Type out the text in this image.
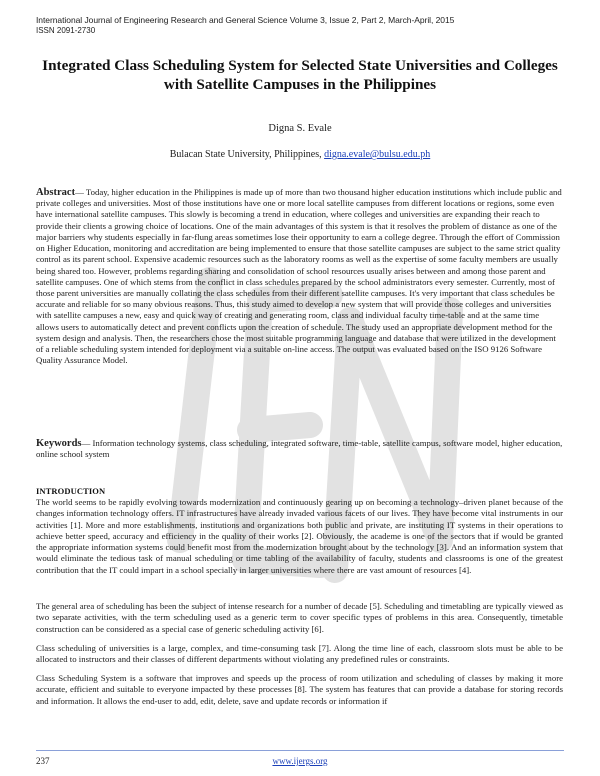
International Journal of Engineering Research and General Science Volume 3, Issue 2, Part 2, March-April, 2015
ISSN 2091-2730
Integrated Class Scheduling System for Selected State Universities and Colleges with Satellite Campuses in the Philippines
Digna S. Evale
Bulacan State University, Philippines, digna.evale@bulsu.edu.ph

Abstract— Today, higher education in the Philippines is made up of more than two thousand higher education institutions which include public and private colleges and universities. Most of those institutions have one or more local satellite campuses from different locations or regions, some even have international satellite campuses. This slowly is becoming a trend in education, where colleges and universities are expanding their reach to provide their clients a growing choice of locations. One of the main advantages of this system is that it resolves the problem of distance as one of the major barriers why students especially in far-flung areas sometimes lose their opportunity to earn a college degree. Through the effort of Commission on Higher Education, monitoring and accreditation are being implemented to ensure that those satellite campuses are subject to the same strict quality control as its parent school. Expensive academic resources such as the laboratory rooms as well as the expertise of some faculty members are usually being shared too. However, problems regarding sharing and consolidation of school resources usually arises between and among those parent and satellite campuses. One of which stems from the conflict in class schedules prepared by the school administrators every semester. Currently, most of those parent universities are manually collating the class schedules from their different satellite campuses. It's very important that class schedules be accurate and reliable for so many obvious reasons. Thus, this study aimed to develop a new system that will provide those colleges and universities with satellite campuses a new, easy and quick way of creating and generating room, class and individual faculty time-table and at the same time allows users to automatically detect and prevent conflicts upon the creation of schedule. The study used an appropriate development method for the system design and analysis. Then, the researchers chose the most suitable programming language and database that were utilized in the development of a reliable scheduling system intended for deployment via a suitable on-line access. The output was evaluated based on the ISO 9126 Software Quality Assurance Model.

Keywords— Information technology systems, class scheduling, integrated software, time-table, satellite campus, software model, higher education, online school system

INTRODUCTION

The world seems to be rapidly evolving towards modernization and continuously gearing up on becoming a technology–driven planet because of the changes information technology offers. IT infrastructures have already invaded various facets of our lives. They have become vital instruments in our activities [1]. More and more establishments, institutions and organizations both public and private, are instituting IT systems in their operations to achieve better speed, accuracy and efficiency in the quality of their works [2]. Obviously, the academe is one of the sectors that if would be granted the appropriate information systems could benefit most from the modernization brought about by the technology [3]. And an information system that would eliminate the tedious task of manual scheduling or time tabling of the availability of faculty, students and classrooms is one of the greatest contribution that the IT could impart in a school specially in larger universities where there are vast amount of resources [4].

The general area of scheduling has been the subject of intense research for a number of decade [5]. Scheduling and timetabling are typically viewed as two separate activities, with the term scheduling used as a generic term to cover specific types of problems in this area. Consequently, timetable construction can be considered as a special case of generic scheduling activity [6].

Class scheduling of universities is a large, complex, and time-consuming task [7]. Along the time line of each, classroom slots must be able to be allocated to instructors and their classes of different departments without violating any predefined rules or constraints.

Class Scheduling System is a software that improves and speeds up the process of room utilization and scheduling of classes by making it more accurate, efficient and suitable to everyone impacted by these processes [8]. The system has features that can provide a database for storing records and information. It allows the end-user to add, edit, delete, save and update records or information if

237	www.ijergs.org
